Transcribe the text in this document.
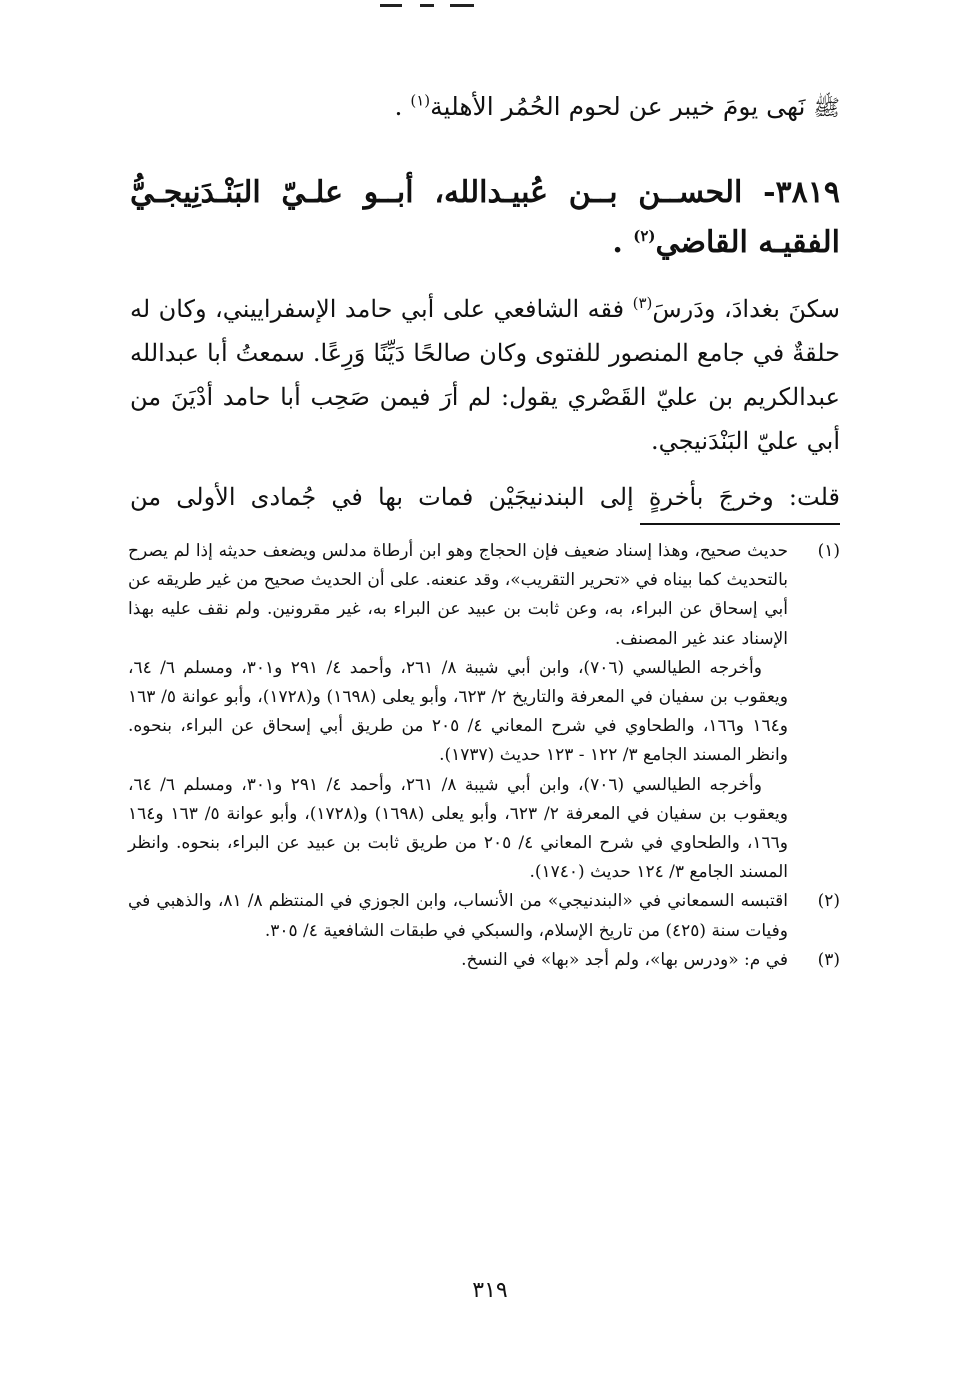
ﷺ نَهى يومَ خيبر عن لحوم الحُمُر الأهلية$^{(١)}$ .

٣٨١٩- الحســن بــن عُبيـدالله، أبــو علـيّ البَنْـدَنِيجـيُّ الفقيـه القاضي$^{(٢)}$ .
سكنَ بغدادَ، ودَرسَ$^{(٣)}$ فقه الشافعي على أبي حامد الإسفراييني، وكان له حلقةٌ في جامع المنصور للفتوى وكان صالحًا دَيِّنًا وَرِعًا. سمعتُ أبا عبدالله عبدالكريم بن عليّ القَصْري يقول: لم أرَ فيمن صَحِب أبا حامد أدْيَنَ من أبي عليّ البَنْدَنيجي.
قلت: وخرجَ بأخرةٍ إلى البندنيجَيْن فمات بها في جُمادى الأولى من
(١)

حديث صحيح، وهذا إسناد ضعيف فإن الحجاج وهو ابن أرطاة مدلس ويضعف حديثه إذا لم يصرح بالتحديث كما بيناه في «تحرير التقريب»، وقد عنعنه. على أن الحديث صحيح من غير طريقه عن أبي إسحاق عن البراء، به، وعن ثابت بن عبيد عن البراء به، غير مقرونين. ولم نقف عليه بهذا الإسناد عند غير المصنف.

وأخرجه الطيالسي (٧٠٦)، وابن أبي شيبة ٨/ ٢٦١، وأحمد ٤/ ٢٩١ و٣٠١، ومسلم ٦/ ٦٤، ويعقوب بن سفيان في المعرفة والتاريخ ٢/ ٦٢٣، وأبو يعلى (١٦٩٨) و(١٧٢٨)، وأبو عوانة ٥/ ١٦٣ و١٦٤ و١٦٦، والطحاوي في شرح المعاني ٤/ ٢٠٥ من طريق أبي إسحاق عن البراء، بنحوه. وانظر المسند الجامع ٣/ ١٢٢ - ١٢٣ حديث (١٧٣٧).

وأخرجه الطيالسي (٧٠٦)، وابن أبي شيبة ٨/ ٢٦١، وأحمد ٤/ ٢٩١ و٣٠١، ومسلم ٦/ ٦٤، ويعقوب بن سفيان في المعرفة ٢/ ٦٢٣، وأبو يعلى (١٦٩٨) و(١٧٢٨)، وأبو عوانة ٥/ ١٦٣ و١٦٤ و١٦٦، والطحاوي في شرح المعاني ٤/ ٢٠٥ من طريق ثابت بن عبيد عن البراء، بنحوه. وانظر المسند الجامع ٣/ ١٢٤ حديث (١٧٤٠).

(٢)

اقتبسه السمعاني في «البندنيجي» من الأنساب، وابن الجوزي في المنتظم ٨/ ٨١، والذهبي في وفيات سنة (٤٢٥) من تاريخ الإسلام، والسبكي في طبقات الشافعية ٤/ ٣٠٥.

(٣)

في م: «ودرس بها»، ولم أجد «بها» في النسخ.

٣١٩
